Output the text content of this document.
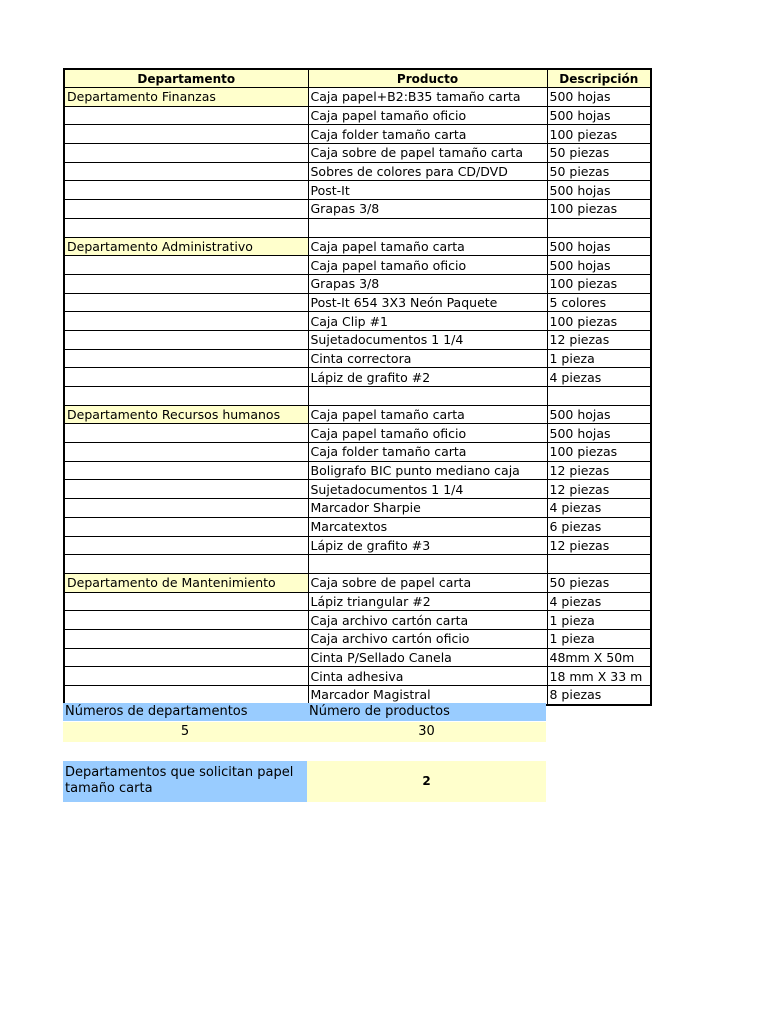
Departamento	Producto	Descripción
Departamento Finanzas	Caja papel+B2:B35 tamaño carta	500 hojas
	Caja papel tamaño oficio	500 hojas
	Caja folder tamaño carta	100 piezas
	Caja sobre de papel tamaño carta	50 piezas
	Sobres de colores para CD/DVD	50 piezas
	Post-It	500 hojas
	Grapas 3/8	100 piezas

Departamento Administrativo	Caja papel tamaño carta	500 hojas
	Caja papel tamaño oficio	500 hojas
	Grapas 3/8	100 piezas
	Post-It 654 3X3 Neón Paquete	5 colores
	Caja Clip #1	100 piezas
	Sujetadocumentos 1 1/4	12 piezas
	Cinta correctora	1 pieza
	Lápiz de grafito #2	4 piezas

Departamento Recursos humanos	Caja papel tamaño carta	500 hojas
	Caja papel tamaño oficio	500 hojas
	Caja folder tamaño carta	100 piezas
	Boligrafo BIC punto mediano caja	12 piezas
	Sujetadocumentos 1 1/4	12 piezas
	Marcador Sharpie	4 piezas
	Marcatextos	6 piezas
	Lápiz de grafito #3	12 piezas

Departamento de Mantenimiento	Caja sobre de papel carta	50 piezas
	Lápiz triangular #2	4 piezas
	Caja archivo cartón carta	1 pieza
	Caja archivo cartón oficio	1 pieza
	Cinta P/Sellado Canela	48mm X 50m
	Cinta adhesiva	18 mm X 33 m
	Marcador Magistral	8 piezas
Números de departamentos	Número de productos
5	30
Departamentos que solicitan papel tamaño carta	2
